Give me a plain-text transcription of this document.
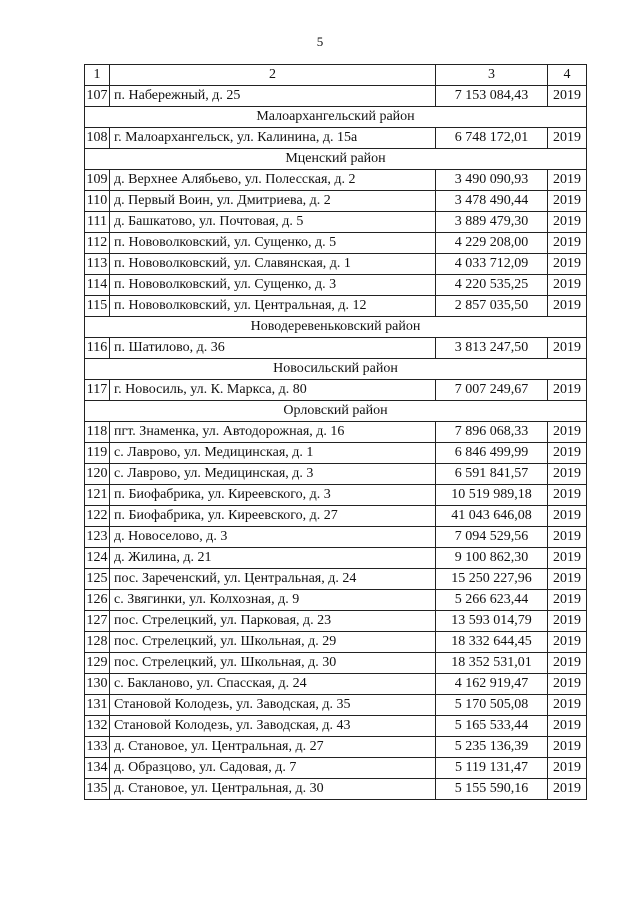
5
1	2	3	4
107	п. Набережный, д. 25	7 153 084,43	2019
Малоархангельский район			
108	г. Малоархангельск, ул. Калинина, д. 15а	6 748 172,01	2019
Мценский район			
109	д. Верхнее Алябьево, ул. Полесская, д. 2	3 490 090,93	2019
110	д. Первый Воин, ул. Дмитриева, д. 2	3 478 490,44	2019
111	д. Башкатово, ул. Почтовая, д. 5	3 889 479,30	2019
112	п. Нововолковский, ул. Сущенко, д. 5	4 229 208,00	2019
113	п. Нововолковский, ул. Славянская, д. 1	4 033 712,09	2019
114	п. Нововолковский, ул. Сущенко, д. 3	4 220 535,25	2019
115	п. Нововолковский, ул. Центральная, д. 12	2 857 035,50	2019
Новодеревеньковский район			
116	п. Шатилово, д. 36	3 813 247,50	2019
Новосильский район			
117	г. Новосиль, ул. К. Маркса, д. 80	7 007 249,67	2019
Орловский район			
118	пгт. Знаменка, ул. Автодорожная, д. 16	7 896 068,33	2019
119	с. Лаврово, ул. Медицинская, д. 1	6 846 499,99	2019
120	с. Лаврово, ул. Медицинская, д. 3	6 591 841,57	2019
121	п. Биофабрика, ул. Киреевского, д. 3	10 519 989,18	2019
122	п. Биофабрика, ул. Киреевского, д. 27	41 043 646,08	2019
123	д. Новоселово, д. 3	7 094 529,56	2019
124	д. Жилина, д. 21	9 100 862,30	2019
125	пос. Зареченский, ул. Центральная, д. 24	15 250 227,96	2019
126	с. Звягинки, ул. Колхозная, д. 9	5 266 623,44	2019
127	пос. Стрелецкий, ул. Парковая, д. 23	13 593 014,79	2019
128	пос. Стрелецкий, ул. Школьная, д. 29	18 332 644,45	2019
129	пос. Стрелецкий, ул. Школьная, д. 30	18 352 531,01	2019
130	с. Бакланово, ул. Спасская, д. 24	4 162 919,47	2019
131	Становой Колодезь, ул. Заводская, д. 35	5 170 505,08	2019
132	Становой Колодезь, ул. Заводская, д. 43	5 165 533,44	2019
133	д. Становое, ул. Центральная, д. 27	5 235 136,39	2019
134	д. Образцово, ул. Садовая, д. 7	5 119 131,47	2019
135	д. Становое, ул. Центральная, д. 30	5 155 590,16	2019
